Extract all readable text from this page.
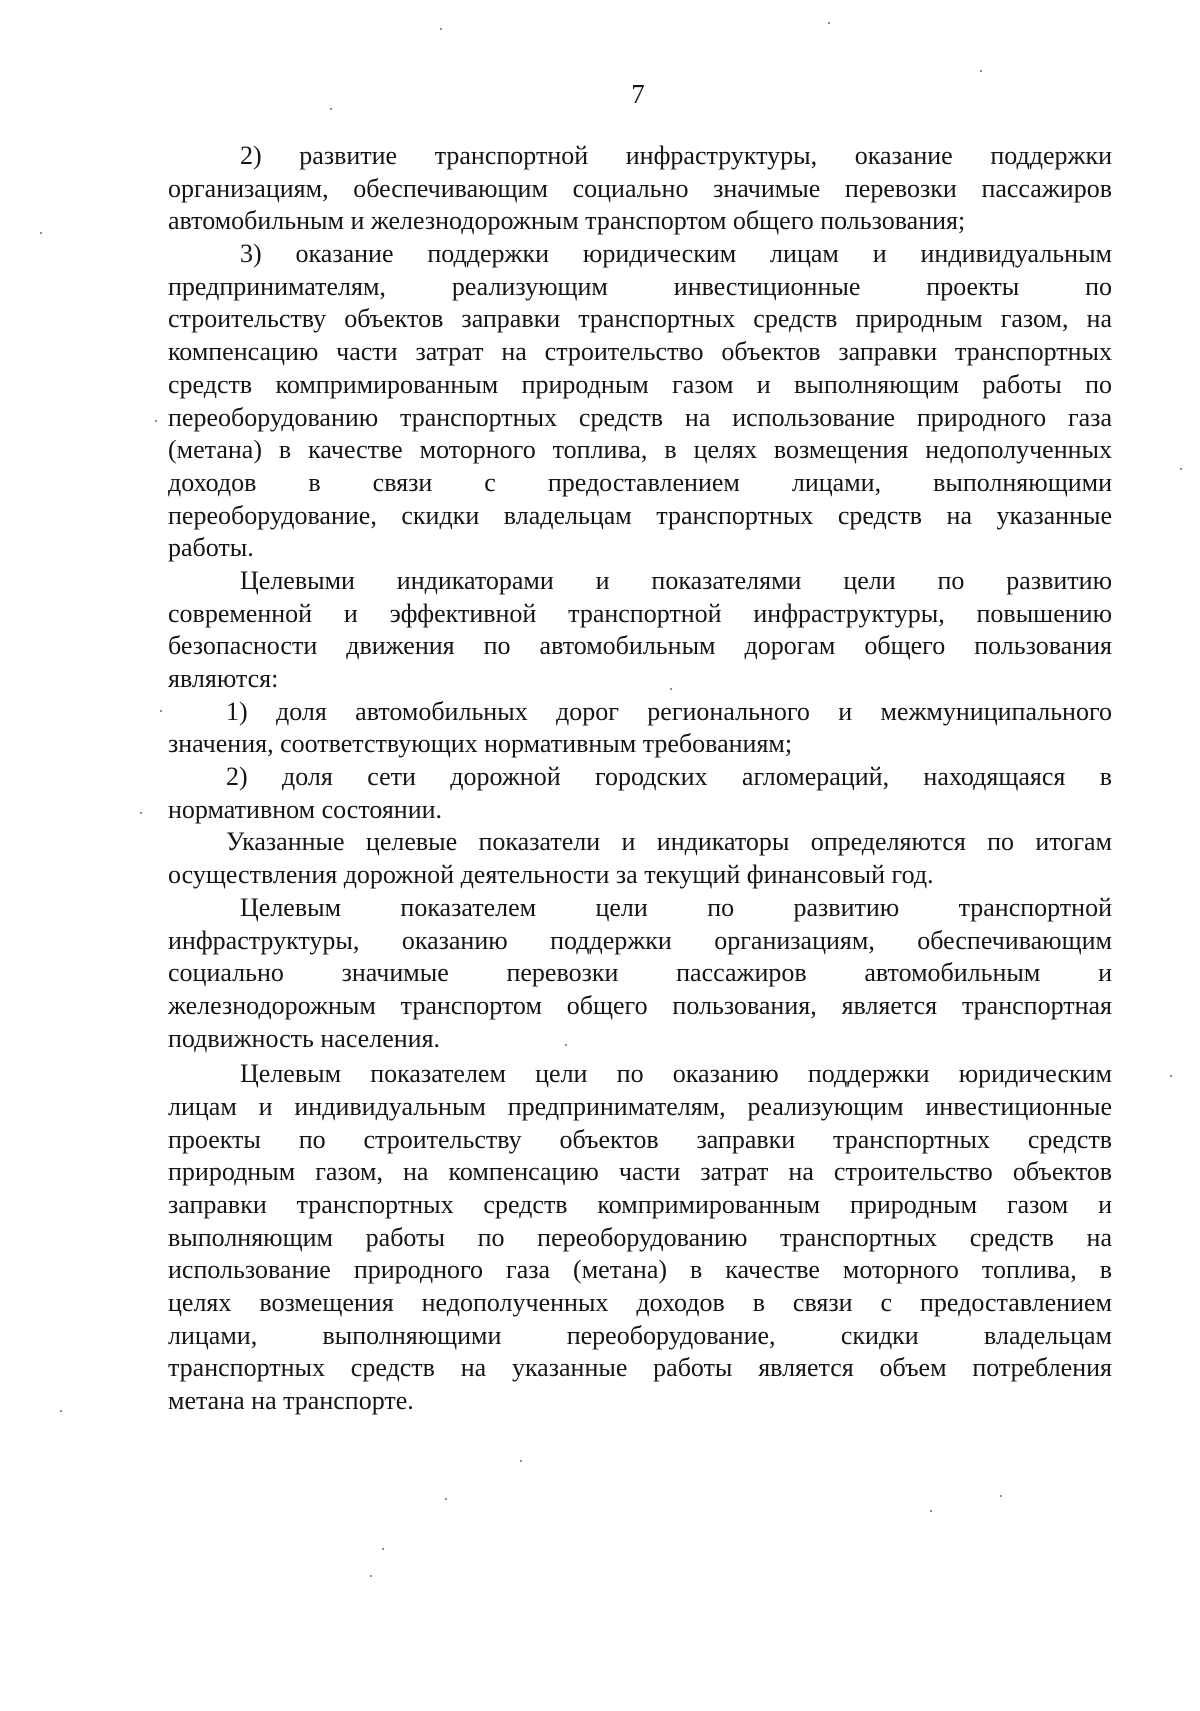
7
2) развитие транспортной инфраструктуры, оказание поддержки
организациям, обеспечивающим социально значимые перевозки пассажиров
автомобильным и железнодорожным транспортом общего пользования;
3) оказание поддержки юридическим лицам и индивидуальным
предпринимателям, реализующим инвестиционные проекты по
строительству объектов заправки транспортных средств природным газом, на
компенсацию части затрат на строительство объектов заправки транспортных
средств компримированным природным газом и выполняющим работы по
переоборудованию транспортных средств на использование природного газа
(метана) в качестве моторного топлива, в целях возмещения недополученных
доходов в связи с предоставлением лицами, выполняющими
переоборудование, скидки владельцам транспортных средств на указанные
работы.
Целевыми индикаторами и показателями цели по развитию
современной и эффективной транспортной инфраструктуры, повышению
безопасности движения по автомобильным дорогам общего пользования
являются:
1) доля автомобильных дорог регионального и межмуниципального
значения, соответствующих нормативным требованиям;
2) доля сети дорожной городских агломераций, находящаяся в
нормативном состоянии.
Указанные целевые показатели и индикаторы определяются по итогам
осуществления дорожной деятельности за текущий финансовый год.
Целевым показателем цели по развитию транспортной
инфраструктуры, оказанию поддержки организациям, обеспечивающим
социально значимые перевозки пассажиров автомобильным и
железнодорожным транспортом общего пользования, является транспортная
подвижность населения.
Целевым показателем цели по оказанию поддержки юридическим
лицам и индивидуальным предпринимателям, реализующим инвестиционные
проекты по строительству объектов заправки транспортных средств
природным газом, на компенсацию части затрат на строительство объектов
заправки транспортных средств компримированным природным газом и
выполняющим работы по переоборудованию транспортных средств на
использование природного газа (метана) в качестве моторного топлива, в
целях возмещения недополученных доходов в связи с предоставлением
лицами, выполняющими переоборудование, скидки владельцам
транспортных средств на указанные работы является объем потребления
метана на транспорте.
